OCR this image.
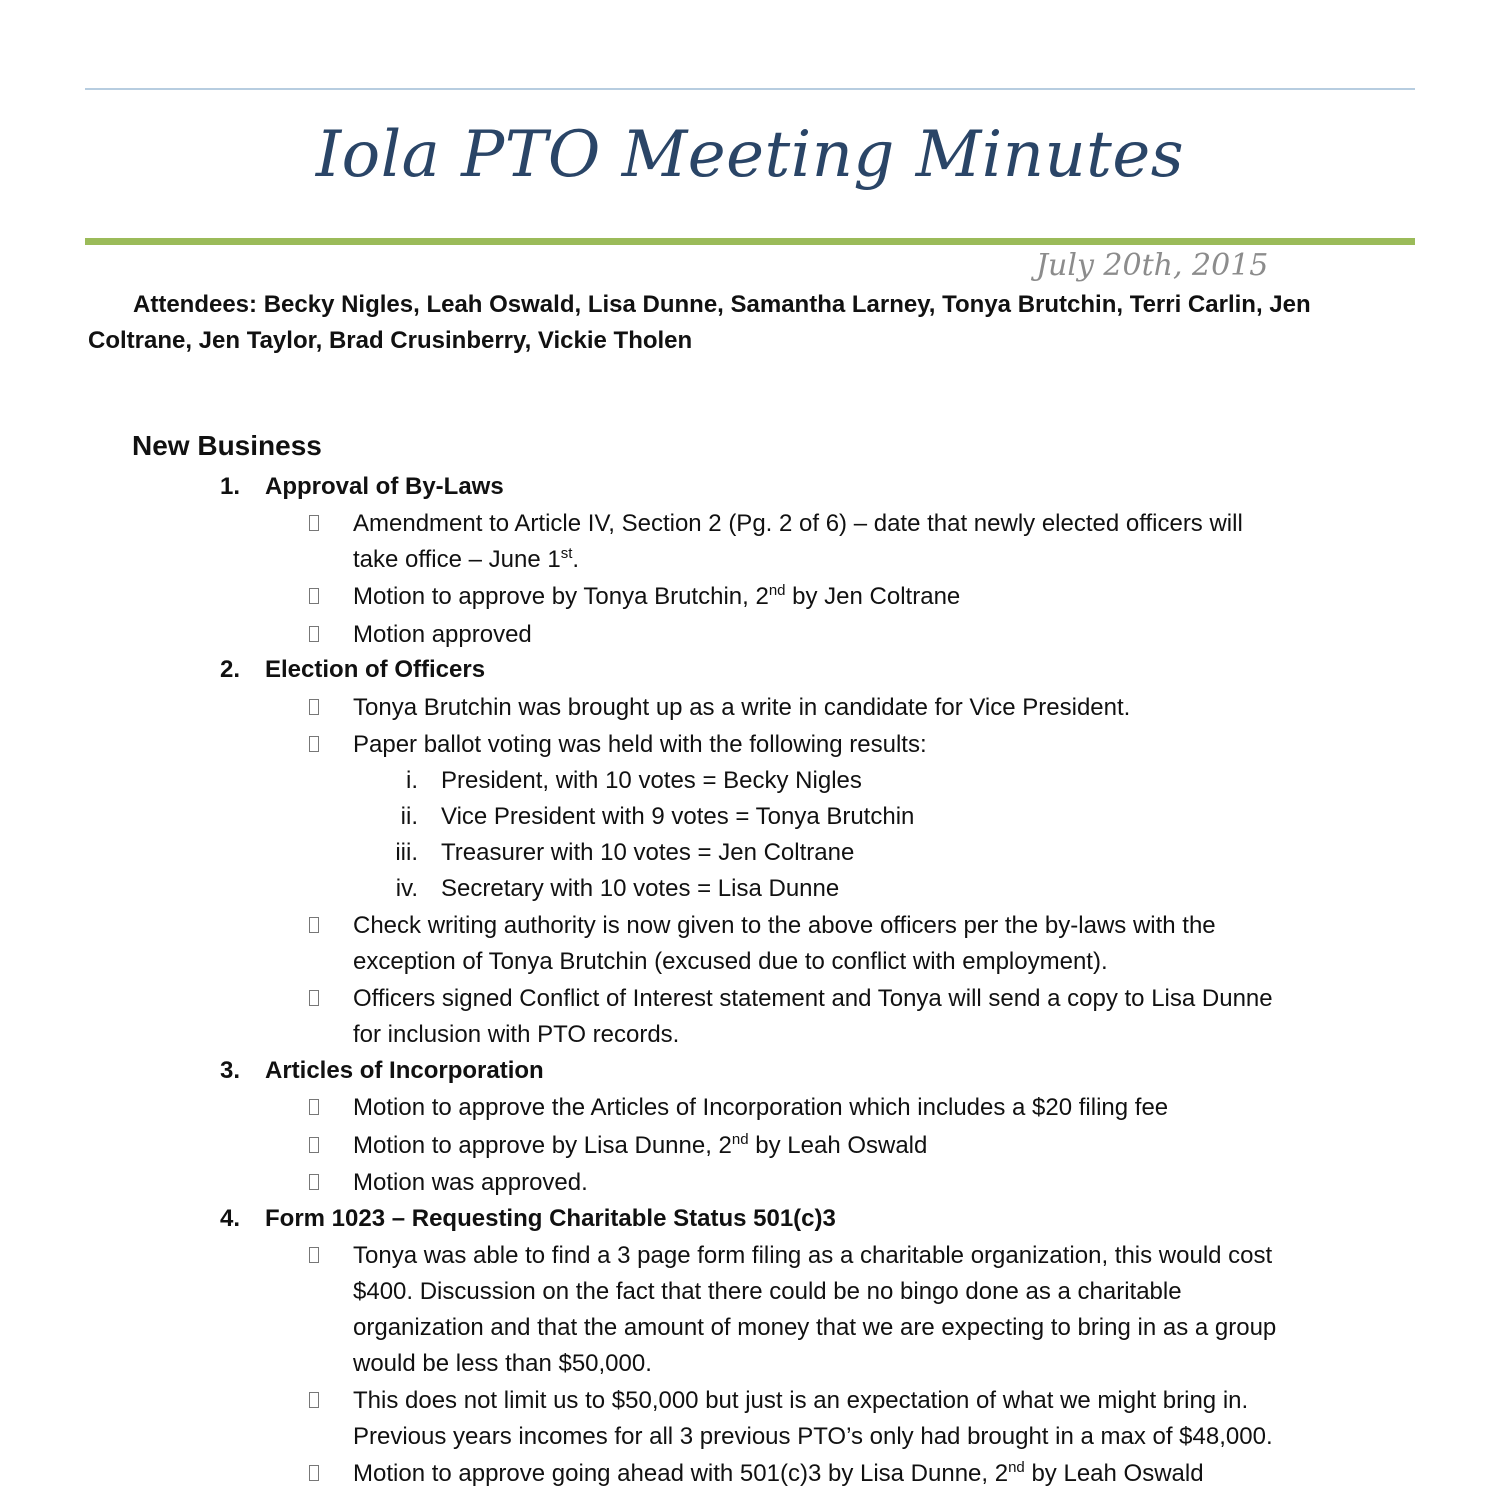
Iola PTO Meeting Minutes
July 20th, 2015
Attendees: Becky Nigles, Leah Oswald, Lisa Dunne, Samantha Larney, Tonya Brutchin, Terri Carlin, Jen Coltrane, Jen Taylor, Brad Crusinberry, Vickie Tholen
New Business
1. Approval of By-Laws
Amendment to Article IV, Section 2 (Pg. 2 of 6) – date that newly elected officers will
take office – June 1st.
Motion to approve by Tonya Brutchin, 2nd by Jen Coltrane
Motion approved
2. Election of Officers
Tonya Brutchin was brought up as a write in candidate for Vice President.
Paper ballot voting was held with the following results:
i. President, with 10 votes = Becky Nigles
ii. Vice President with 9 votes = Tonya Brutchin
iii. Treasurer with 10 votes = Jen Coltrane
iv. Secretary with 10 votes = Lisa Dunne
Check writing authority is now given to the above officers per the by-laws with the
exception of Tonya Brutchin (excused due to conflict with employment).
Officers signed Conflict of Interest statement and Tonya will send a copy to Lisa Dunne
for inclusion with PTO records.
3. Articles of Incorporation
Motion to approve the Articles of Incorporation which includes a $20 filing fee
Motion to approve by Lisa Dunne, 2nd by Leah Oswald
Motion was approved.
4. Form 1023 – Requesting Charitable Status 501(c)3
Tonya was able to find a 3 page form filing as a charitable organization, this would cost
$400. Discussion on the fact that there could be no bingo done as a charitable
organization and that the amount of money that we are expecting to bring in as a group
would be less than $50,000.
This does not limit us to $50,000 but just is an expectation of what we might bring in.
Previous years incomes for all 3 previous PTO’s only had brought in a max of $48,000.
Motion to approve going ahead with 501(c)3 by Lisa Dunne, 2nd by Leah Oswald
